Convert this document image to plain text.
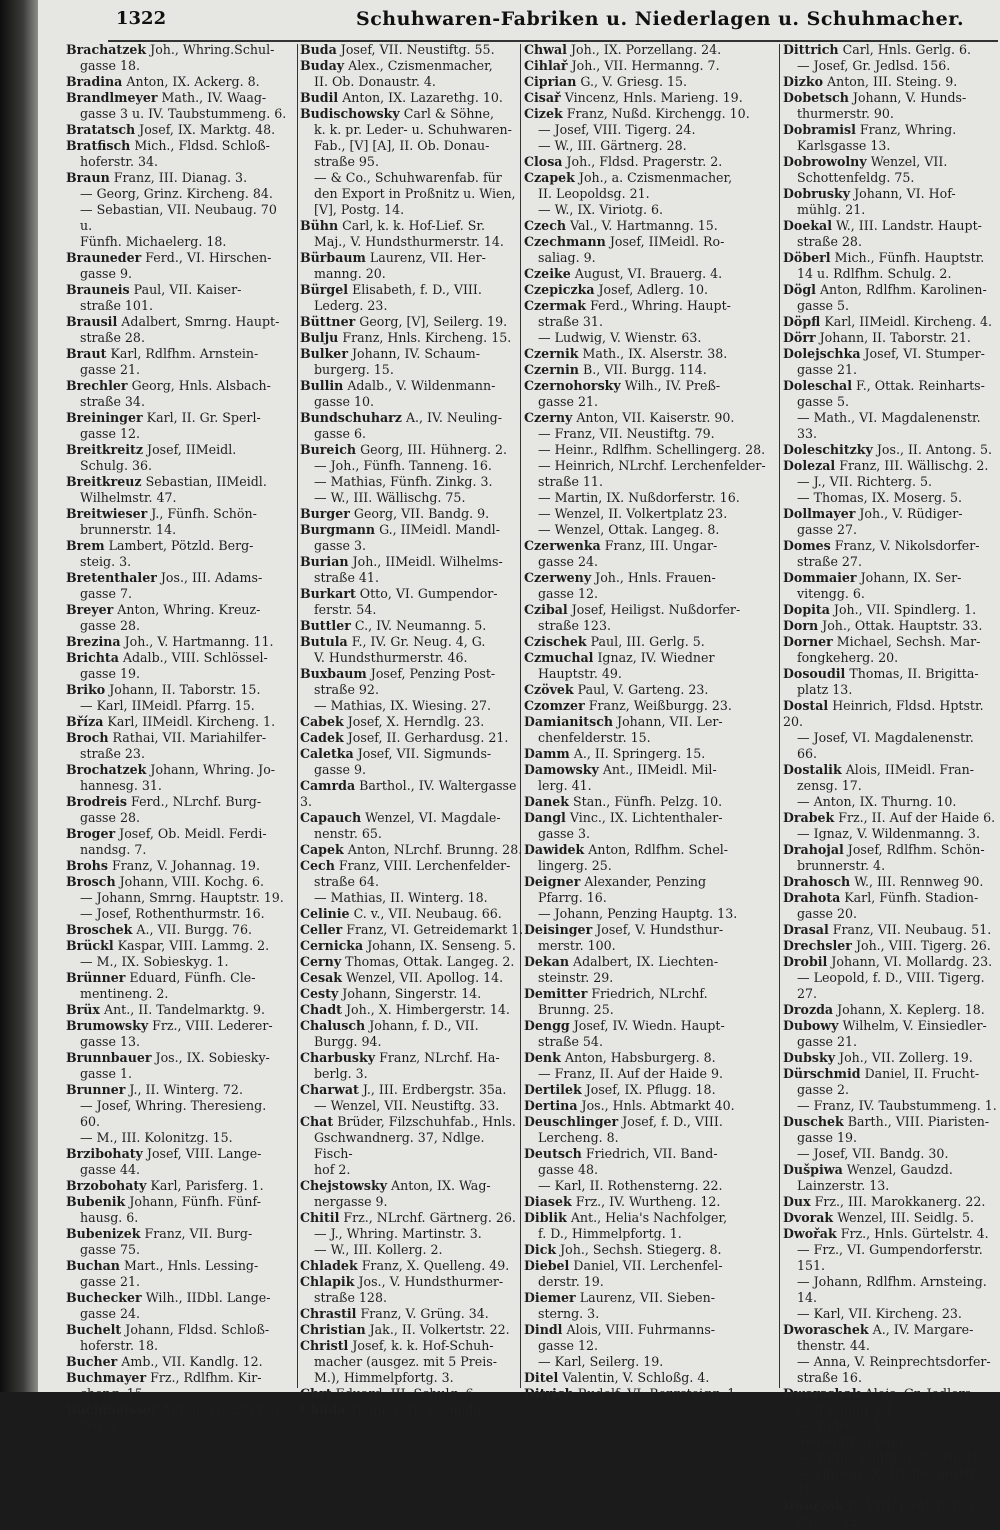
1322	Schuhwaren-Fabriken u. Niederlagen u. Schuhmacher.
Brachatzek Joh., Whring.Schul-
gasse 18.
Bradina Anton, IX. Ackerg. 8.
Brandlmeyer Math., IV. Waag-
gasse 3 u. IV. Taubstummeng. 6.
Bratatsch Josef, IX. Marktg. 48.
Bratfisch Mich., Fldsd. Schloß-
hoferstr. 34.
Braun Franz, III. Dianag. 3.
— Georg, Grinz. Kircheng. 84.
— Sebastian, VII. Neubaug. 70 u.
Fünfh. Michaelerg. 18.
Brauneder Ferd., VI. Hirschen-
gasse 9.
Brauneis Paul, VII. Kaiser-
straße 101.
Brausil Adalbert, Smrng. Haupt-
straße 28.
Braut Karl, Rdlfhm. Arnstein-
gasse 21.
Brechler Georg, Hnls. Alsbach-
straße 34.
Breininger Karl, II. Gr. Sperl-
gasse 12.
Breitkreitz Josef, IIMeidl.
Schulg. 36.
Breitkreuz Sebastian, IIMeidl.
Wilhelmstr. 47.
Breitwieser J., Fünfh. Schön-
brunnerstr. 14.
Brem Lambert, Pötzld. Berg-
steig. 3.
Bretenthaler Jos., III. Adams-
gasse 7.
Breyer Anton, Whring. Kreuz-
gasse 28.
Brezina Joh., V. Hartmanng. 11.
Brichta Adalb., VIII. Schlössel-
gasse 19.
Briko Johann, II. Taborstr. 15.
— Karl, IIMeidl. Pfarrg. 15.
Bříza Karl, IIMeidl. Kircheng. 1.
Broch Rathai, VII. Mariahilfer-
straße 23.
Brochatzek Johann, Whring. Jo-
hannesg. 31.
Brodreis Ferd., NLrchf. Burg-
gasse 28.
Broger Josef, Ob. Meidl. Ferdi-
nandsg. 7.
Brohs Franz, V. Johannag. 19.
Brosch Johann, VIII. Kochg. 6.
— Johann, Smrng. Hauptstr. 19.
— Josef, Rothenthurmstr. 16.
Broschek A., VII. Burgg. 76.
Brückl Kaspar, VIII. Lammg. 2.
— M., IX. Sobieskyg. 1.
Brünner Eduard, Fünfh. Cle-
mentineng. 2.
Brüx Ant., II. Tandelmarktg. 9.
Brumowsky Frz., VIII. Lederer-
gasse 13.
Brunnbauer Jos., IX. Sobiesky-
gasse 1.
Brunner J., II. Winterg. 72.
— Josef, Whring. Theresieng. 60.
— M., III. Kolonitzg. 15.
Brzibohaty Josef, VIII. Lange-
gasse 44.
Brzobohaty Karl, Parisferg. 1.
Bubenik Johann, Fünfh. Fünf-
hausg. 6.
Bubenizek Franz, VII. Burg-
gasse 75.
Buchan Mart., Hnls. Lessing-
gasse 21.
Buchecker Wilh., IIDbl. Lange-
gasse 24.
Buchelt Johann, Fldsd. Schloß-
hoferstr. 18.
Bucher Amb., VII. Kandlg. 12.
Buchmayer Frz., Rdlfhm. Kir-
cheng. 15.
Buchmeisser Anton, VI. Esterha-
zyg. 21.
Buda Josef, VII. Neustiftg. 55.
Buday Alex., Czismenmacher,
II. Ob. Donaustr. 4.
Budil Anton, IX. Lazarethg. 10.
Budischowsky Carl & Söhne,
k. k. pr. Leder- u. Schuhwaren-
Fab., [V] [A], II. Ob. Donau-
straße 95.
— & Co., Schuhwarenfab. für
den Export in Proßnitz u. Wien,
[V], Postg. 14.
Bühn Carl, k. k. Hof-Lief. Sr.
Maj., V. Hundsthurmerstr. 14.
Bürbaum Laurenz, VII. Her-
manng. 20.
Bürgel Elisabeth, f. D., VIII.
Lederg. 23.
Büttner Georg, [V], Seilerg. 19.
Bulju Franz, Hnls. Kircheng. 15.
Bulker Johann, IV. Schaum-
burgerg. 15.
Bullin Adalb., V. Wildenmann-
gasse 10.
Bundschuharz A., IV. Neuling-
gasse 6.
Bureich Georg, III. Hühnerg. 2.
— Joh., Fünfh. Tanneng. 16.
— Mathias, Fünfh. Zinkg. 3.
— W., III. Wällischg. 75.
Burger Georg, VII. Bandg. 9.
Burgmann G., IIMeidl. Mandl-
gasse 3.
Burian Joh., IIMeidl. Wilhelms-
straße 41.
Burkart Otto, VI. Gumpendor-
ferstr. 54.
Buttler C., IV. Neumanng. 5.
Butula F., IV. Gr. Neug. 4, G.
V. Hundsthurmerstr. 46.
Buxbaum Josef, Penzing Post-
straße 92.
— Mathias, IX. Wiesing. 27.
Cabek Josef, X. Herndlg. 23.
Cadek Josef, II. Gerhardusg. 21.
Caletka Josef, VII. Sigmunds-
gasse 9.
Camrda Barthol., IV. Waltergasse 3.
Capauch Wenzel, VI. Magdale-
nenstr. 65.
Capek Anton, NLrchf. Brunng. 28.
Cech Franz, VIII. Lerchenfelder-
straße 64.
— Mathias, II. Winterg. 18.
Celinie C. v., VII. Neubaug. 66.
Celler Franz, VI. Getreidemarkt 1.
Cernicka Johann, IX. Senseng. 5.
Cerny Thomas, Ottak. Langeg. 2.
Cesak Wenzel, VII. Apollog. 14.
Cesty Johann, Singerstr. 14.
Chadt Joh., X. Himbergerstr. 14.
Chalusch Johann, f. D., VII.
Burgg. 94.
Charbusky Franz, NLrchf. Ha-
berlg. 3.
Charwat J., III. Erdbergstr. 35a.
— Wenzel, VII. Neustiftg. 33.
Chat Brüder, Filzschuhfab., Hnls.
Gschwandnerg. 37, Ndlge. Fisch-
hof 2.
Chejstowsky Anton, IX. Wag-
nergasse 9.
Chitil Frz., NLrchf. Gärtnerg. 26.
— J., Whring. Martinstr. 3.
— W., III. Kollerg. 2.
Chladek Franz, X. Quelleng. 49.
Chlapik Jos., V. Hundsthurmer-
straße 128.
Chrastil Franz, V. Grüng. 34.
Christian Jak., II. Volkertstr. 22.
Christl Josef, k. k. Hof-Schuh-
macher (ausgez. mit 5 Preis-
M.), Himmelpfortg. 3.
Chrt Eduard, III. Schulg. 6.
Chuda Thomas, IV. Freundg. 7.
Chwal Joh., IX. Porzellang. 24.
Cihlař Joh., VII. Hermanng. 7.
Ciprian G., V. Griesg. 15.
Cisař Vincenz, Hnls. Marieng. 19.
Cizek Franz, Nußd. Kirchengg. 10.
— Josef, VIII. Tigerg. 24.
— W., III. Gärtnerg. 28.
Closa Joh., Fldsd. Pragerstr. 2.
Czapek Joh., a. Czismenmacher,
II. Leopoldsg. 21.
— W., IX. Viriotg. 6.
Czech Val., V. Hartmanng. 15.
Czechmann Josef, IIMeidl. Ro-
saliag. 9.
Czeike August, VI. Brauerg. 4.
Czepiczka Josef, Adlerg. 10.
Czermak Ferd., Whring. Haupt-
straße 31.
— Ludwig, V. Wienstr. 63.
Czernik Math., IX. Alserstr. 38.
Czernin B., VII. Burgg. 114.
Czernohorsky Wilh., IV. Preß-
gasse 21.
Czerny Anton, VII. Kaiserstr. 90.
— Franz, VII. Neustiftg. 79.
— Heinr., Rdlfhm. Schellingerg. 28.
— Heinrich, NLrchf. Lerchenfelder-
straße 11.
— Martin, IX. Nußdorferstr. 16.
— Wenzel, II. Volkertplatz 23.
— Wenzel, Ottak. Langeg. 8.
Czerwenka Franz, III. Ungar-
gasse 24.
Czerweny Joh., Hnls. Frauen-
gasse 12.
Czibal Josef, Heiligst. Nußdorfer-
straße 123.
Czischek Paul, III. Gerlg. 5.
Czmuchal Ignaz, IV. Wiedner
Hauptstr. 49.
Czövek Paul, V. Garteng. 23.
Czomzer Franz, Weißburgg. 23.
Damianitsch Johann, VII. Ler-
chenfelderstr. 15.
Damm A., II. Springerg. 15.
Damowsky Ant., IIMeidl. Mil-
lerg. 41.
Danek Stan., Fünfh. Pelzg. 10.
Dangl Vinc., IX. Lichtenthaler-
gasse 3.
Dawidek Anton, Rdlfhm. Schel-
lingerg. 25.
Deigner Alexander, Penzing
Pfarrg. 16.
— Johann, Penzing Hauptg. 13.
Deisinger Josef, V. Hundsthur-
merstr. 100.
Dekan Adalbert, IX. Liechten-
steinstr. 29.
Demitter Friedrich, NLrchf.
Brunng. 25.
Dengg Josef, IV. Wiedn. Haupt-
straße 54.
Denk Anton, Habsburgerg. 8.
— Franz, II. Auf der Haide 9.
Dertilek Josef, IX. Pflugg. 18.
Dertina Jos., Hnls. Abtmarkt 40.
Deuschlinger Josef, f. D., VIII.
Lercheng. 8.
Deutsch Friedrich, VII. Band-
gasse 48.
— Karl, II. Rothensterng. 22.
Diasek Frz., IV. Wurtheng. 12.
Diblik Ant., Helia's Nachfolger,
f. D., Himmelpfortg. 1.
Dick Joh., Sechsh. Stiegerg. 8.
Diebel Daniel, VII. Lerchenfel-
derstr. 19.
Diemer Laurenz, VII. Sieben-
sterng. 3.
Dindl Alois, VIII. Fuhrmanns-
gasse 12.
— Karl, Seilerg. 19.
Ditel Valentin, V. Schloßg. 4.
Ditrich Rudolf, VI. Bergsteigg. 1.
Dittrich Carl, Hnls. Gerlg. 6.
— Josef, Gr. Jedlsd. 156.
Dizko Anton, III. Steing. 9.
Dobetsch Johann, V. Hunds-
thurmerstr. 90.
Dobramisl Franz, Whring.
Karlsgasse 13.
Dobrowolny Wenzel, VII.
Schottenfeldg. 75.
Dobrusky Johann, VI. Hof-
mühlg. 21.
Doekal W., III. Landstr. Haupt-
straße 28.
Döberl Mich., Fünfh. Hauptstr.
14 u. Rdlfhm. Schulg. 2.
Dögl Anton, Rdlfhm. Karolinen-
gasse 5.
Döpfl Karl, IIMeidl. Kircheng. 4.
Dörr Johann, II. Taborstr. 21.
Dolejschka Josef, VI. Stumper-
gasse 21.
Doleschal F., Ottak. Reinharts-
gasse 5.
— Math., VI. Magdalenenstr. 33.
Doleschitzky Jos., II. Antong. 5.
Dolezal Franz, III. Wällischg. 2.
— J., VII. Richterg. 5.
— Thomas, IX. Moserg. 5.
Dollmayer Joh., V. Rüdiger-
gasse 27.
Domes Franz, V. Nikolsdorfer-
straße 27.
Dommaier Johann, IX. Ser-
vitengg. 6.
Dopita Joh., VII. Spindlerg. 1.
Dorn Joh., Ottak. Hauptstr. 33.
Dorner Michael, Sechsh. Mar-
fongkeherg. 20.
Dosoudil Thomas, II. Brigitta-
platz 13.
Dostal Heinrich, Fldsd. Hptstr. 20.
— Josef, VI. Magdalenenstr. 66.
Dostalik Alois, IIMeidl. Fran-
zensg. 17.
— Anton, IX. Thurng. 10.
Drabek Frz., II. Auf der Haide 6.
— Ignaz, V. Wildenmanng. 3.
Drahojal Josef, Rdlfhm. Schön-
brunnerstr. 4.
Drahosch W., III. Rennweg 90.
Drahota Karl, Fünfh. Stadion-
gasse 20.
Drasal Franz, VII. Neubaug. 51.
Drechsler Joh., VIII. Tigerg. 26.
Drobil Johann, VI. Mollardg. 23.
— Leopold, f. D., VIII. Tigerg. 27.
Drozda Johann, X. Keplerg. 18.
Dubowy Wilhelm, V. Einsiedler-
gasse 21.
Dubsky Joh., VII. Zollerg. 19.
Dürschmid Daniel, II. Frucht-
gasse 2.
— Franz, IV. Taubstummeng. 1.
Duschek Barth., VIII. Piaristen-
gasse 19.
— Josef, VII. Bandg. 30.
Dušpiwa Wenzel, Gaudzd.
Lainzerstr. 13.
Dux Frz., III. Marokkanerg. 22.
Dvorak Wenzel, III. Seidlg. 5.
Dwořak Frz., Hnls. Gürtelstr. 4.
— Frz., VI. Gumpendorferstr. 151.
— Johann, Rdlfhm. Arnsteing. 14.
— Karl, VII. Kircheng. 23.
Dworaschek A., IV. Margare-
thenstr. 44.
— Anna, V. Reinprechtsdorfer-
straße 16.
Dworschak Alois, Gr. Jedlers-
dorf Bahng. 64.
— Andreas, V. Siebenbrunneng. 7.
— Anton, Fünfh. Turnerg. 16.
— Vincenz, X. Himbergerstr. 103.
Dworzak F., VIII. Josefstädter-
straße 12.
